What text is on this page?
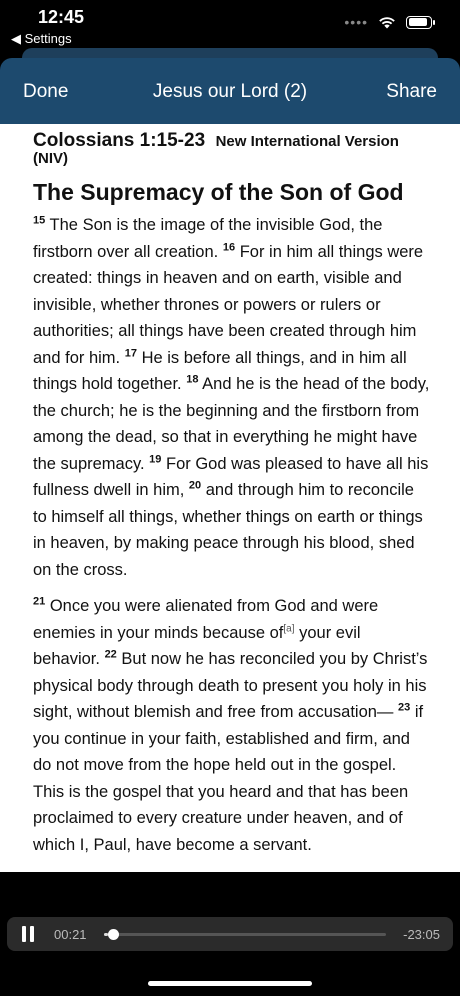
12:45
◀ Settings
••••
Done	Jesus our Lord (2)	Share
Colossians 1:15-23 New International Version
(NIV)
The Supremacy of the Son of God

$^{15}$ The Son is the image of the invisible God, the firstborn over all creation. $^{16}$ For in him all things were created: things in heaven and on earth, visible and invisible, whether thrones or powers or rulers or authorities; all things have been created through him and for him. $^{17}$ He is before all things, and in him all things hold together. $^{18}$ And he is the head of the body, the church; he is the beginning and the firstborn from among the dead, so that in everything he might have the supremacy. $^{19}$ For God was pleased to have all his fullness dwell in him, $^{20}$ and through him to reconcile to himself all things, whether things on earth or things in heaven, by making peace through his blood, shed on the cross.

$^{21}$ Once you were alienated from God and were enemies in your minds because of[a] your evil behavior. $^{22}$ But now he has reconciled you by Christ’s physical body through death to present you holy in his sight, without blemish and free from accusation— $^{23}$ if you continue in your faith, established and firm, and do not move from the hope held out in the gospel. This is the gospel that you heard and that has been proclaimed to every creature under heaven, and of which I, Paul, have become a servant.

00:21	-23:05
